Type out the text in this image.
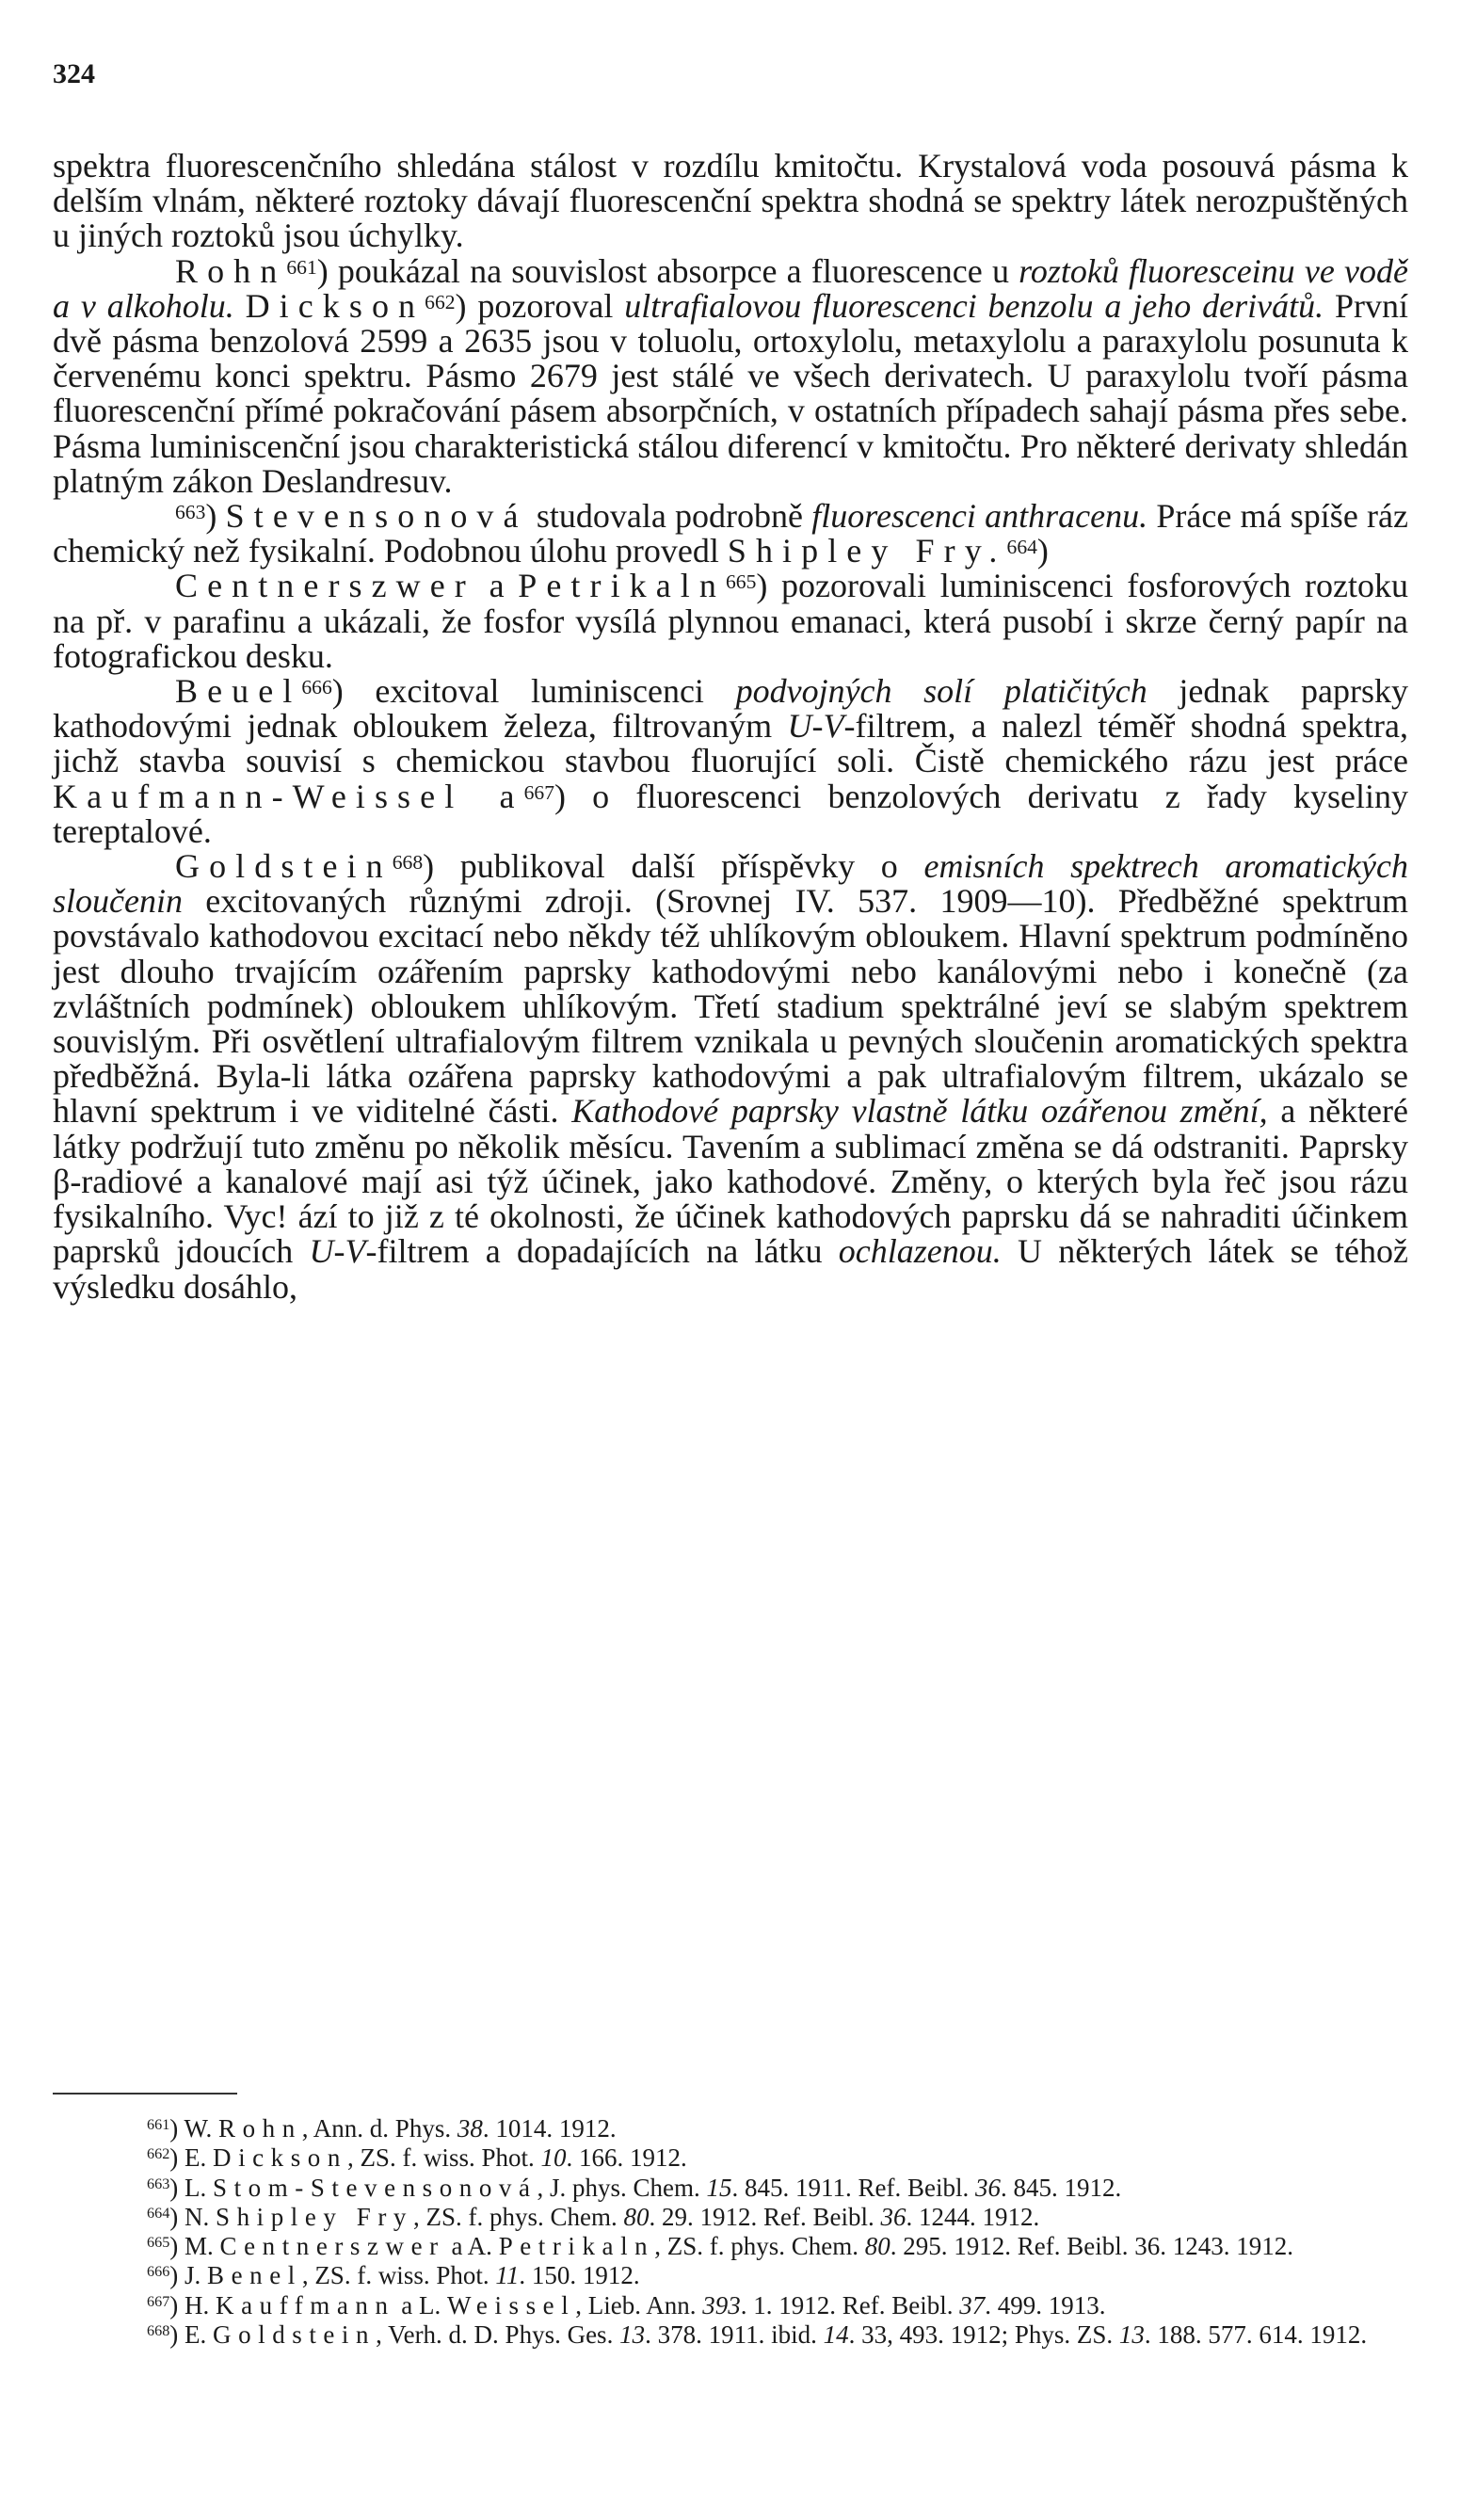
324

spektra fluorescenčního shledána stálost v rozdílu kmitočtu. Krystalová voda posouvá pásma k delším vlnám, některé roztoky dávají fluorescenční spektra shodná se spektry látek nerozpuštěných u jiných roztoků jsou úchylky.

Rohn$^{661}$) poukázal na souvislost absorpce a fluorescence u roztoků fluoresceinu ve vodě a v alkoholu. Dickson$^{662}$) pozoroval ultrafialovou fluorescenci benzolu a jeho derivátů. První dvě pásma benzolová 2599 a 2635 jsou v toluolu, ortoxylolu, metaxylolu a paraxylolu posunuta k červenému konci spektru. Pásmo 2679 jest stálé ve všech derivatech. U paraxylolu tvoří pásma fluorescenční přímé pokračování pásem absorpčních, v ostatních případech sahají pásma přes sebe. Pásma luminiscenční jsou charakteristická stálou diferencí v kmitočtu. Pro některé derivaty shledán platným zákon Deslandresuv.

$^{663}$) Stevensonová studovala podrobně fluorescenci anthracenu. Práce má spíše ráz chemický než fysikalní. Podobnou úlohu provedl Shipley Fry.$^{664}$)

Centnerszwer a Petrikaln$^{665}$) pozorovali luminiscenci fosforových roztoku na př. v parafinu a ukázali, že fosfor vysílá plynnou emanaci, která pusobí i skrze černý papír na fotografickou desku.

Beuel$^{666}$) excitoval luminiscenci podvojných solí platičitých jednak paprsky kathodovými jednak obloukem železa, filtrovaným U-V-filtrem, a nalezl téměř shodná spektra, jichž stavba souvisí s chemickou stavbou fluorující soli. Čistě chemického rázu jest práce Kaufmann-Weissel $a^{667}$) o fluorescenci benzolových derivatu z řady kyseliny tereptalové.

Goldstein$^{668}$) publikoval další příspěvky o emisních spektrech aromatických sloučenin excitovaných různými zdroji. (Srovnej IV. 537. 1909—10). Předběžné spektrum povstávalo kathodovou excitací nebo někdy též uhlíkovým obloukem. Hlavní spektrum podmíněno jest dlouho trvajícím ozářením paprsky kathodovými nebo kanálovými nebo i konečně (za zvláštních podmínek) obloukem uhlíkovým. Třetí stadium spektrálné jeví se slabým spektrem souvislým. Při osvětlení ultrafialovým filtrem vznikala u pevných sloučenin aromatických spektra předběžná. Byla-li látka ozářena paprsky kathodovými a pak ultrafialovým filtrem, ukázalo se hlavní spektrum i ve viditelné části. Kathodové paprsky vlastně látku ozářenou změní, a některé látky podržují tuto změnu po několik měsícu. Tavením a sublimací změna se dá odstraniti. Paprsky β-radiové a kanalové mají asi týž účinek, jako kathodové. Změny, o kterých byla řeč jsou rázu fysikalního. Vyc! ází to již z té okolnosti, že účinek kathodových paprsku dá se nahraditi účinkem paprsků jdoucích U-V-filtrem a dopadajících na látku ochlazenou. U některých látek se téhož výsledku dosáhlo,

$^{661}$) W. Rohn, Ann. d. Phys. 38. 1014. 1912.

$^{662}$) E. Dickson, ZS. f. wiss. Phot. 10. 166. 1912.

$^{663}$) L. Stom-Stevensonová, J. phys. Chem. 15. 845. 1911. Ref. Beibl. 36. 845. 1912.

$^{664}$) N. Shipley Fry, ZS. f. phys. Chem. 80. 29. 1912. Ref. Beibl. 36. 1244. 1912.

$^{665}$) M. Centnerszwer a A. Petrikaln, ZS. f. phys. Chem. 80. 295. 1912. Ref. Beibl. 36. 1243. 1912.

$^{666}$) J. Benel, ZS. f. wiss. Phot. 11. 150. 1912.

$^{667}$) H. Kauffmann a L. Weissel, Lieb. Ann. 393. 1. 1912. Ref. Beibl. 37. 499. 1913.

$^{668}$) E. Goldstein, Verh. d. D. Phys. Ges. 13. 378. 1911. ibid. 14. 33, 493. 1912; Phys. ZS. 13. 188. 577. 614. 1912.
